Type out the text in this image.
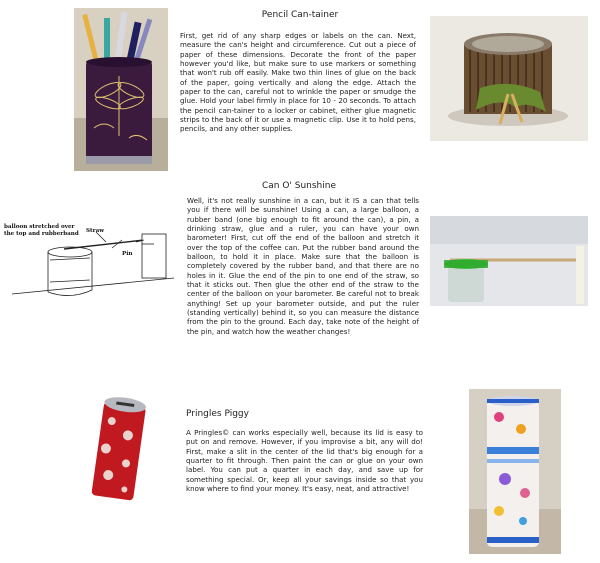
Pencil Can-tainer

First, get rid of any sharp edges or labels on the can. Next, measure the can's height and circumference. Cut out a piece of paper of these dimensions. Decorate the front of the paper however you'd like, but make sure to use markers or something that won't rub off easily. Make two thin lines of glue on the back of the paper, going vertically and along the edge. Attach the paper to the can, careful not to wrinkle the paper or smudge the glue. Hold your label firmly in place for 10 - 20 seconds. To attach the pencil can-tainer to a locker or cabinet, either glue magnetic strips to the back of it or use a magnetic clip. Use it to hold pens, pencils, and any other supplies.

Can O' Sunshine

Well, it's not really sunshine in a can, but it IS a can that tells you if there will be sunshine! Using a can, a large balloon, a rubber band (one big enough to fit around the can), a pin, a drinking straw, glue and a ruler, you can have your own barometer! First, cut off the end of the balloon and stretch it over the top of the coffee can. Put the rubber band around the balloon, to hold it in place. Make sure that the balloon is completely covered by the rubber band, and that there are no holes in it. Glue the end of the pin to one end of the straw, so that it sticks out. Then glue the other end of the straw to the center of the balloon on your barometer. Be careful not to break anything! Set up your barometer outside, and put the ruler (standing vertically) behind it, so you can measure the distance from the pin to the ground. Each day, take note of the height of the pin, and watch how the weather changes!

balloon stretched over the top and rubberband Straw
Pin
Pringles Piggy

A Pringles© can works especially well, because its lid is easy to put on and remove. However, if you improvise a bit, any will do! First, make a slit in the center of the lid that's big enough for a quarter to fit through. Then paint the can or glue on your own label. You can put a quarter in each day, and save up for something special. Or, keep all your savings inside so that you know where to find your money. It's easy, neat, and attractive!
